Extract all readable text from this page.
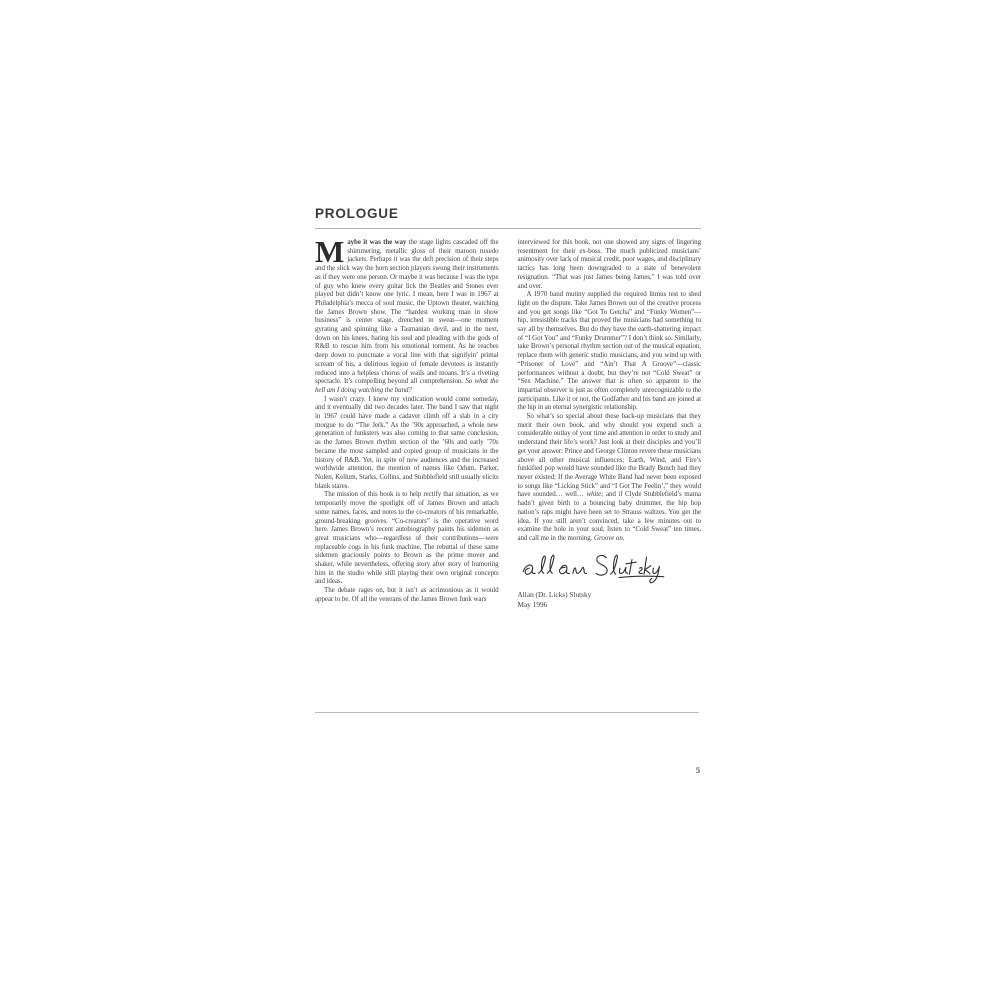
PROLOGUE

Maybe it was the way the stage lights cascaded off the shimmering, metallic gloss of their maroon tuxedo jackets. Perhaps it was the deft precision of their steps and the slick way the horn section players swung their instruments as if they were one person. Or maybe it was because I was the type of guy who knew every guitar lick the Beatles and Stones ever played but didn’t know one lyric. I mean, here I was in 1967 at Philadelphia’s mecca of soul music, the Uptown theater, watching the James Brown show. The “hardest working man in show business” is center stage, drenched in sweat—one moment gyrating and spinning like a Tasmanian devil, and in the next, down on his knees, baring his soul and pleading with the gods of R&B to rescue him from his emotional torment. As he reaches deep down to punctuate a vocal line with that signifyin’ primal scream of his, a delirious legion of female devotees is instantly reduced into a helpless chorus of wails and moans. It’s a riveting spectacle. It’s compelling beyond all comprehension. So what the hell am I doing watching the band?

I wasn’t crazy. I knew my vindication would come someday, and it eventually did two decades later. The band I saw that night in 1967 could have made a cadaver climb off a slab in a city morgue to do “The Jerk.” As the ’90s approached, a whole new generation of funksters was also coming to that same conclusion, as the James Brown rhythm section of the ’60s and early ’70s became the most sampled and copied group of musicians in the history of R&B. Yet, in spite of new audiences and the increased worldwide attention, the mention of names like Odum, Parker, Nolen, Kellum, Starks, Collins, and Stubblefield still usually elicits blank stares.

The mission of this book is to help rectify that situation, as we temporarily move the spotlight off of James Brown and attach some names, faces, and notes to the co-creators of his remarkable, ground-breaking grooves. “Co-creators” is the operative word here. James Brown’s recent autobiography paints his sidemen as great musicians who—regardless of their contributions—were replaceable cogs in his funk machine. The rebuttal of these same sidemen graciously points to Brown as the prime mover and shaker, while nevertheless, offering story after story of humoring him in the studio while still playing their own original concepts and ideas.

The debate rages on, but it isn’t as acrimonious as it would appear to be. Of all the veterans of the James Brown funk wars

interviewed for this book, not one showed any signs of lingering resentment for their ex-boss. The much publicized musicians’ animosity over lack of musical credit, poor wages, and disciplinary tactics has long been downgraded to a state of benevolent resignation. “That was just James being James,” I was told over and over.

A 1970 band mutiny supplied the required litmus test to shed light on the dispute. Take James Brown out of the creative process and you get songs like “Got To Getcha” and “Funky Women”—hip, irresistible tracks that proved the musicians had something to say all by themselves. But do they have the earth-shattering impact of “I Got You” and “Funky Drummer”? I don’t think so. Similarly, take Brown’s personal rhythm section out of the musical equation, replace them with generic studio musicians, and you wind up with “Prisoner of Love” and “Ain’t That A Groove”—classic performances without a doubt, but they’re not “Cold Sweat” or “Sex Machine.” The answer that is often so apparent to the impartial observer is just as often completely unrecognizable to the participants. Like it or not, the Godfather and his band are joined at the hip in an eternal synergistic relationship.

So what’s so special about these back-up musicians that they merit their own book, and why should you expend such a considerable outlay of your time and attention in order to study and understand their life’s work? Just look at their disciples and you’ll get your answer: Prince and George Clinton revere these musicians above all other musical influences; Earth, Wind, and Fire’s funkified pop would have sounded like the Brady Bunch had they never existed; If the Average White Band had never been exposed to songs like “Licking Stick” and “I Got The Feelin’,” they would have sounded… well… white; and if Clyde Stubblefield’s mama hadn’t given birth to a bouncing baby drummer, the hip hop nation’s raps might have been set to Strauss waltzes. You get the idea. If you still aren’t convinced, take a few minutes out to examine the hole in your soul, listen to “Cold Sweat” ten times, and call me in the morning. Groove on.

Allan (Dr. Licks) Slutsky
May 1996
5
